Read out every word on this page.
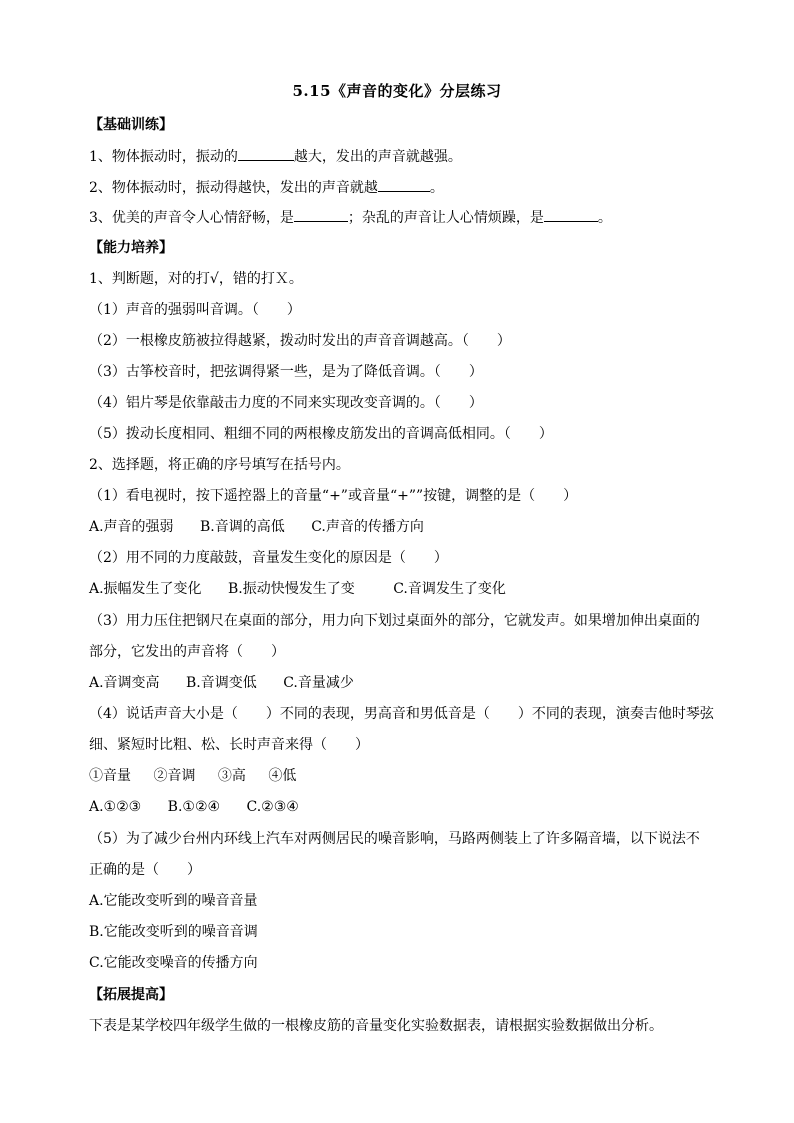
5.15《声音的变化》分层练习
【基础训练】
1、物体振动时，振动的	越大，发出的声音就越强。
2、物体振动时，振动得越快，发出的声音就越	。
3、优美的声音令人心情舒畅，是	；杂乱的声音让人心情烦躁，是	。
【能力培养】
1、判断题，对的打√，错的打Ｘ。
（1）声音的强弱叫音调。（　　）
（2）一根橡皮筋被拉得越紧，拨动时发出的声音音调越高。（　　）
（3）古筝校音时，把弦调得紧一些，是为了降低音调。（　　）
（4）铝片琴是依靠敲击力度的不同来实现改变音调的。（　　）
（5）拨动长度相同、粗细不同的两根橡皮筋发出的音调高低相同。（　　）
2、选择题，将正确的序号填写在括号内。
（1）看电视时，按下遥控器上的音量“+”或音量“+””按键，调整的是（　　）
A.声音的强弱 B.音调的高低 C.声音的传播方向
（2）用不同的力度敲鼓，音量发生变化的原因是（　　）
A.振幅发生了变化 B.振动快慢发生了变	C.音调发生了变化
（3）用力压住把钢尺在桌面的部分，用力向下划过桌面外的部分，它就发声。如果增加伸出桌面的
部分，它发出的声音将（　　）
A.音调变高 B.音调变低 C.音量减少
（4）说话声音大小是（　　）不同的表现，男高音和男低音是（　　）不同的表现，演奏吉他时琴弦
细、紧短时比粗、松、长时声音来得（　　）
①音量 ②音调 ③高 ④低
A.①②③ B.①②④ C.②③④
（5）为了减少台州内环线上汽车对两侧居民的噪音影响，马路两侧装上了许多隔音墙，以下说法不
正确的是（　　）
A.它能改变听到的噪音音量
B.它能改变听到的噪音音调
C.它能改变噪音的传播方向
【拓展提高】
下表是某学校四年级学生做的一根橡皮筋的音量变化实验数据表，请根据实验数据做出分析。
